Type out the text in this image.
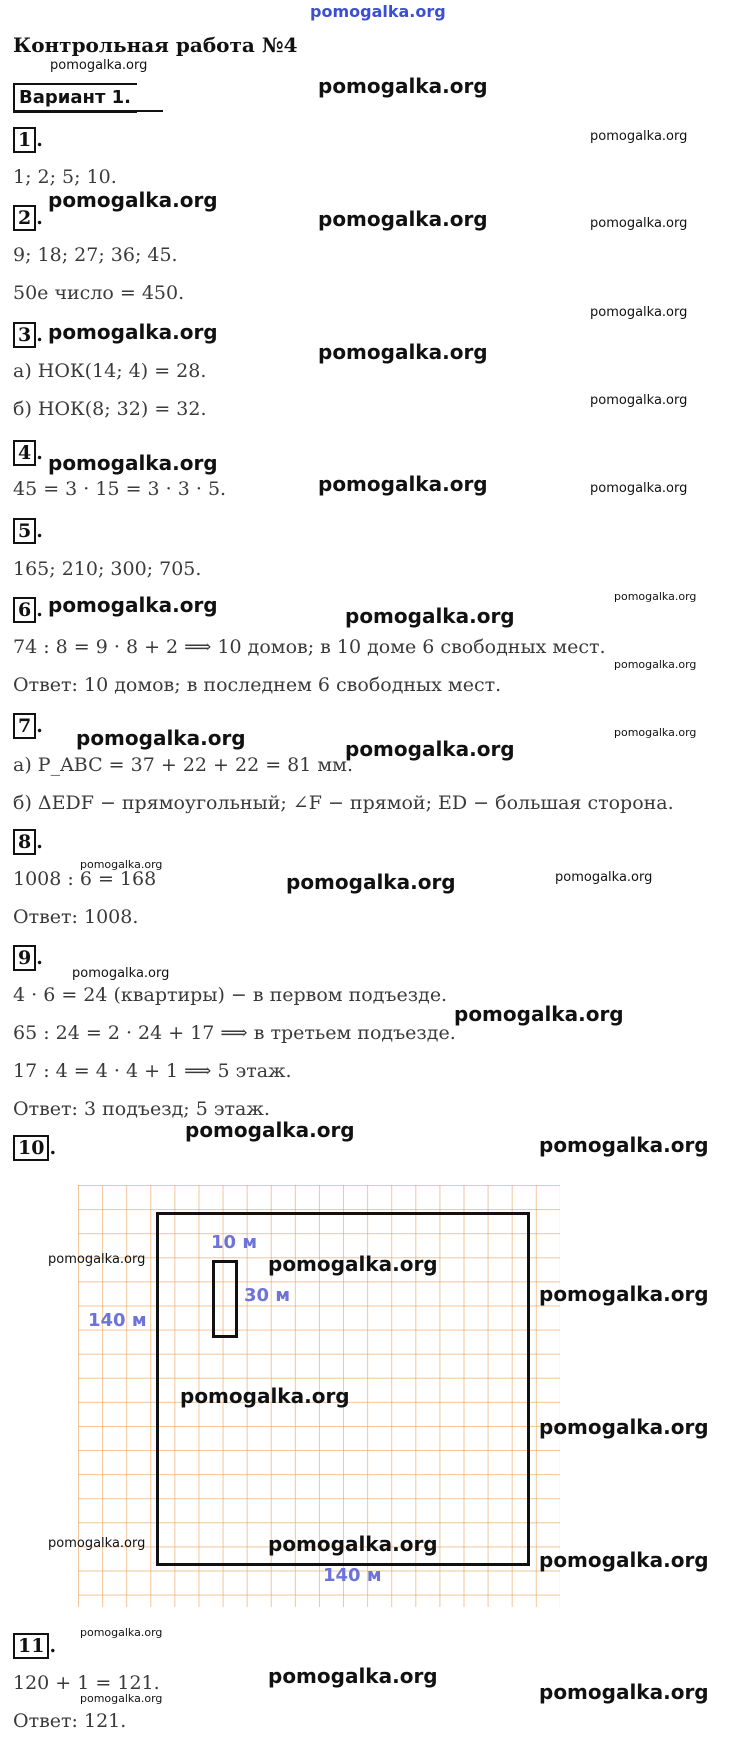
pomogalka.org
Контрольная работа №4
pomogalka.org
Вариант 1.	pomogalka.org
1 .	pomogalka.org
1; 2; 5; 10.
2 .
pomogalka.org
pomogalka.org	pomogalka.org
9; 18; 27; 36; 45.
50е число = 450.
3 . pomogalka.org
pomogalka.org
pomogalka.org
а) НОК(14; 4) = 28.
pomogalka.org
б) НОК(8; 32) = 32.
4 . pomogalka.org
pomogalka.org	pomogalka.org
45 = 3 · 15 = 3 · 3 · 5.
5 .
165; 210; 300; 705.
6 . pomogalka.org	pomogalka.org
pomogalka.org
74 : 8 = 9 · 8 + 2 ⟹ 10 домов; в 10 доме 6 свободных мест.
pomogalka.org
Ответ: 10 домов; в последнем 6 свободных мест.
7 . pomogalka.org	pomogalka.org
pomogalka.org
а) P_ABC = 37 + 22 + 22 = 81 мм.
б) ΔEDF − прямоугольный; ∠F − прямой; ED − большая сторона.
8 .
pomogalka.org
pomogalka.org	pomogalka.org
1008 : 6 = 168
Ответ: 1008.
9 .
pomogalka.org
4 · 6 = 24 (квартиры) − в первом подъезде.
pomogalka.org
65 : 24 = 2 · 24 + 17 ⟹ в третьем подъезде.
17 : 4 = 4 · 4 + 1 ⟹ 5 этаж.
Ответ: 3 подъезд; 5 этаж.
10 .
pomogalka.org
pomogalka.org
10 м
30 м
140 м
140 м
pomogalka.org	pomogalka.org
pomogalka.org
pomogalka.org
pomogalka.org
pomogalka.org	pomogalka.org
pomogalka.org
11 .
pomogalka.org
120 + 1 = 121.	pomogalka.org
pomogalka.org	pomogalka.org
Ответ: 121.
